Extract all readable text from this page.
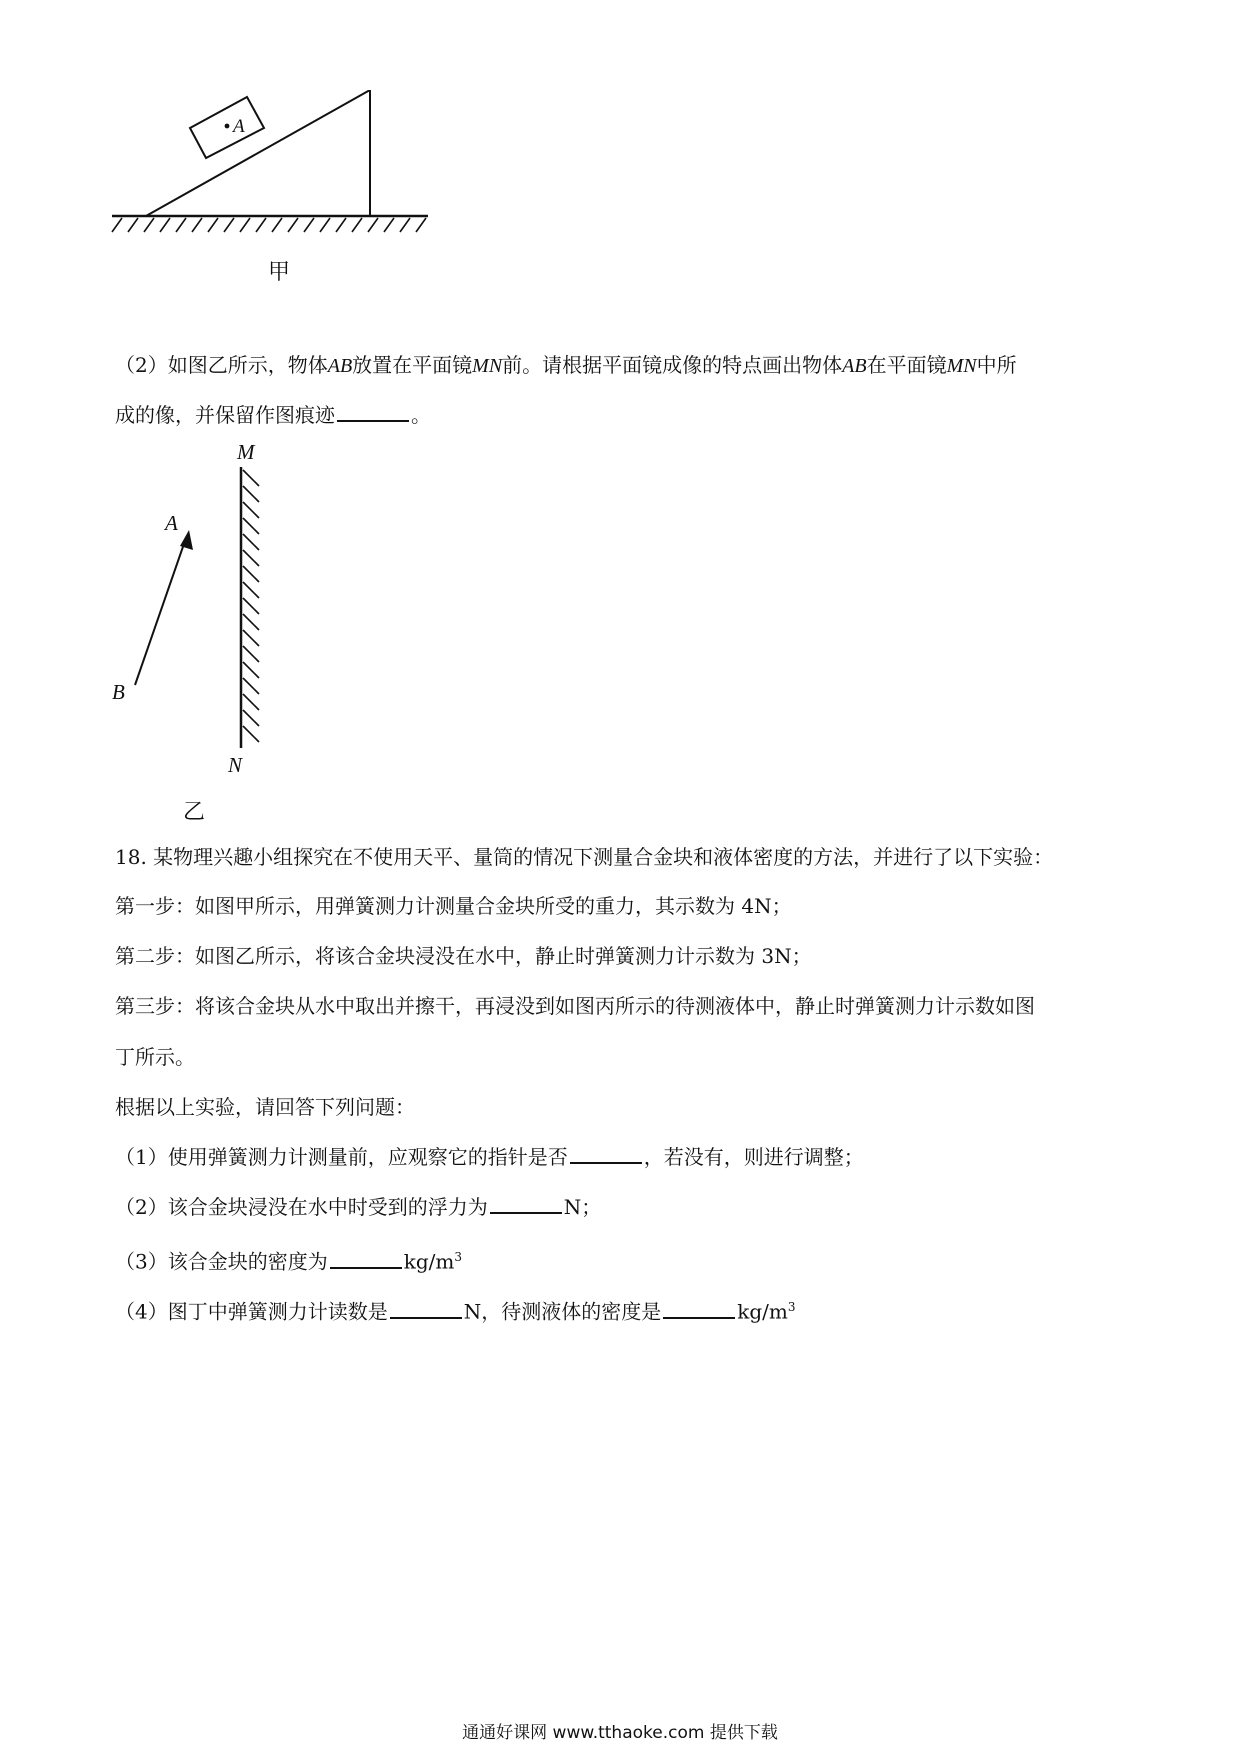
A
甲
（2）如图乙所示，物体AB放置在平面镜MN前。请根据平面镜成像的特点画出物体AB在平面镜MN中所
成的像，并保留作图痕迹	。
M
N
A
B
乙
18. 某物理兴趣小组探究在不使用天平、量筒的情况下测量合金块和液体密度的方法，并进行了以下实验：
第一步：如图甲所示，用弹簧测力计测量合金块所受的重力，其示数为 4N；
第二步：如图乙所示，将该合金块浸没在水中，静止时弹簧测力计示数为 3N；
第三步：将该合金块从水中取出并擦干，再浸没到如图丙所示的待测液体中，静止时弹簧测力计示数如图
丁所示。
根据以上实验，请回答下列问题：
（1）使用弹簧测力计测量前，应观察它的指针是否	，若没有，则进行调整；
（2）该合金块浸没在水中时受到的浮力为	N；
（3）该合金块的密度为	$kg/m^3$
（4）图丁中弹簧测力计读数是	N，待测液体的密度是	$kg/m^3$
通通好课网 www.tthaoke.com 提供下载
